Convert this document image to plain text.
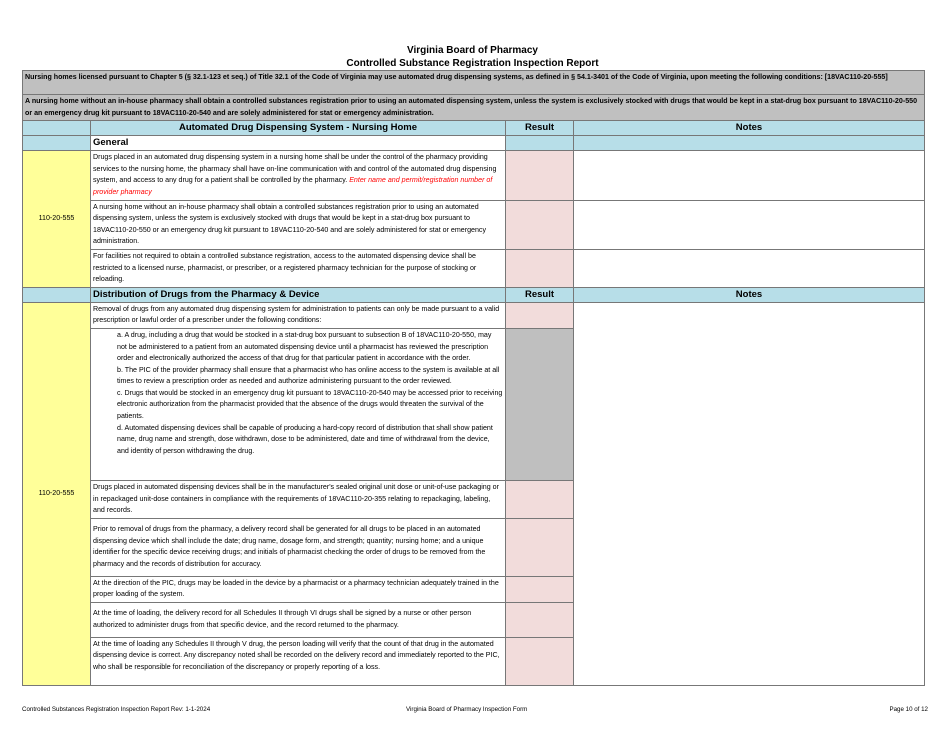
Virginia Board of Pharmacy
Controlled Substance Registration Inspection Report
Nursing homes licensed pursuant to Chapter 5 (§ 32.1-123 et seq.) of Title 32.1 of the Code of Virginia may use automated drug dispensing systems, as defined in § 54.1-3401 of the Code of Virginia, upon meeting the following conditions: [18VAC110-20-555]			
A nursing home without an in-house pharmacy shall obtain a controlled substances registration prior to using an automated dispensing system, unless the system is exclusively stocked with drugs that would be kept in a stat-drug box pursuant to 18VAC110-20-550 or an emergency drug kit pursuant to 18VAC110-20-540 and are solely administered for stat or emergency administration.			
	Automated Drug Dispensing System - Nursing Home	Result	Notes
	General		
110-20-555	Drugs placed in an automated drug dispensing system in a nursing home shall be under the control of the pharmacy providing services to the nursing home, the pharmacy shall have on-line communication with and control of the automated drug dispensing system, and access to any drug for a patient shall be controlled by the pharmacy. Enter name and permit/registration number of provider pharmacy		
	A nursing home without an in-house pharmacy shall obtain a controlled substances registration prior to using an automated dispensing system, unless the system is exclusively stocked with drugs that would be kept in a stat-drug box pursuant to 18VAC110-20-550 or an emergency drug kit pursuant to 18VAC110-20-540 and are solely administered for stat or emergency administration.		
	For facilities not required to obtain a controlled substance registration, access to the automated dispensing device shall be restricted to a licensed nurse, pharmacist, or prescriber, or a registered pharmacy technician for the purpose of stocking or reloading.		
	Distribution of Drugs from the Pharmacy & Device	Result	Notes
110-20-555	Removal of drugs from any automated drug dispensing system for administration to patients can only be made pursuant to a valid prescription or lawful order of a prescriber under the following conditions:		

	a. A drug, including a drug that would be stocked in a stat-drug box pursuant to subsection B of 18VAC110-20-550, may not be administered to a patient from an automated dispensing device until a pharmacist has reviewed the prescription order and electronically authorized the access of that drug for that particular patient in accordance with the order.
b. The PIC of the provider pharmacy shall ensure that a pharmacist who has online access to the system is available at all times to review a prescription order as needed and authorize administering pursuant to the order reviewed.
c. Drugs that would be stocked in an emergency drug kit pursuant to 18VAC110-20-540 may be accessed prior to receiving electronic authorization from the pharmacist provided that the absence of the drugs would threaten the survival of the patients.
d. Automated dispensing devices shall be capable of producing a hard-copy record of distribution that shall show patient name, drug name and strength, dose withdrawn, dose to be administered, date and time of withdrawal from the device, and identity of person withdrawing the drug.		

	Drugs placed in automated dispensing devices shall be in the manufacturer's sealed original unit dose or unit-of-use packaging or in repackaged unit-dose containers in compliance with the requirements of 18VAC110-20-355 relating to repackaging, labeling, and records.		
	Prior to removal of drugs from the pharmacy, a delivery record shall be generated for all drugs to be placed in an automated dispensing device which shall include the date; drug name, dosage form, and strength; quantity; nursing home; and a unique identifier for the specific device receiving drugs; and initials of pharmacist checking the order of drugs to be removed from the pharmacy and the records of distribution for accuracy.		
	At the direction of the PIC, drugs may be loaded in the device by a pharmacist or a pharmacy technician adequately trained in the proper loading of the system.		
	At the time of loading, the delivery record for all Schedules II through VI drugs shall be signed by a nurse or other person authorized to administer drugs from that specific device, and the record returned to the pharmacy.		
	At the time of loading any Schedules II through V drug, the person loading will verify that the count of that drug in the automated dispensing device is correct. Any discrepancy noted shall be recorded on the delivery record and immediately reported to the PIC, who shall be responsible for reconciliation of the discrepancy or properly reporting of a loss.		
Controlled Substances Registration Inspection Report Rev: 1-1-2024	Virginia Board of Pharmacy Inspection Form	Page 10 of 12
